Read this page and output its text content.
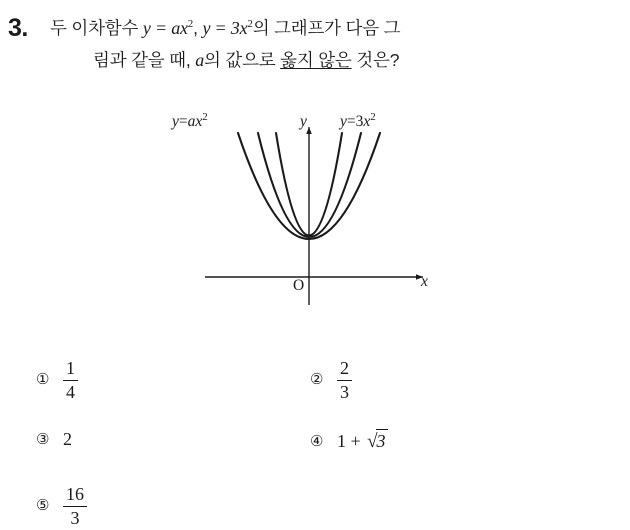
3. 두 이차함수 $y = ax^2$, $y = 3x^2$의 그래프가 다음 그
림과 같을 때, a의 값으로 옳지 않은 것은?
$y=ax^2$	$y=3x^2$
y
x
O
① $\frac{1}{4}$	② $\frac{2}{3}$
③ 2	④ 1 + √3
⑤ $\frac{16}{3}$
